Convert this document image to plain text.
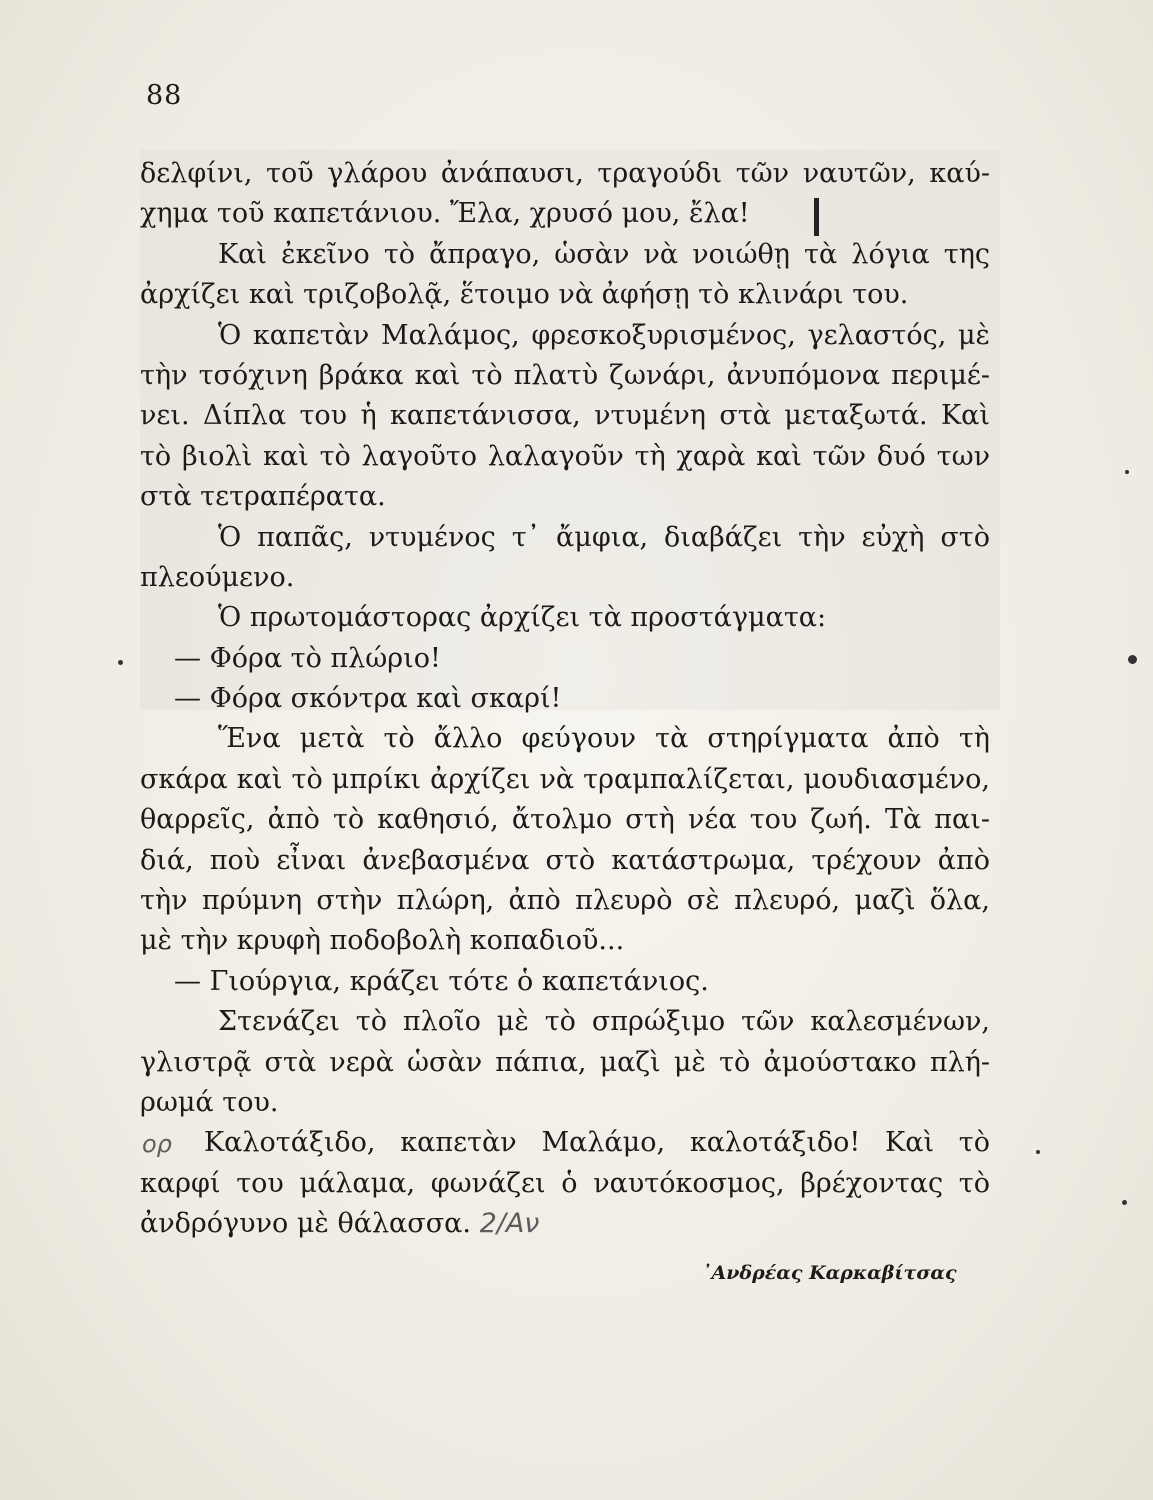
88
δελφίνι, τοῦ γλάρου ἀνάπαυσι, τραγούδι τῶν ναυτῶν, καύ-
χημα τοῦ καπετάνιου. Ἔλα, χρυσό μου, ἔλα!
Καὶ ἐκεῖνο τὸ ἄπραγο, ὡσὰν νὰ νοιώθῃ τὰ λόγια της
ἀρχίζει καὶ τριζοβολᾷ, ἕτοιμο νὰ ἀφήσῃ τὸ κλινάρι του.
Ὁ καπετὰν Μαλάμος, φρεσκοξυρισμένος, γελαστός, μὲ
τὴν τσόχινη βράκα καὶ τὸ πλατὺ ζωνάρι, ἀνυπόμονα περιμέ-
νει. Δίπλα του ἡ καπετάνισσα, ντυμένη στὰ μεταξωτά. Καὶ
τὸ βιολὶ καὶ τὸ λαγοῦτο λαλαγοῦν τὴ χαρὰ καὶ τῶν δυό των
στὰ τετραπέρατα.
Ὁ παπᾶς, ντυμένος τ᾽ ἄμφια, διαβάζει τὴν εὐχὴ στὸ
πλεούμενο.
Ὁ πρωτομάστορας ἀρχίζει τὰ προστάγματα:
— Φόρα τὸ πλώριο!
— Φόρα σκόντρα καὶ σκαρί!
Ἕνα μετὰ τὸ ἄλλο φεύγουν τὰ στηρίγματα ἀπὸ τὴ
σκάρα καὶ τὸ μπρίκι ἀρχίζει νὰ τραμπαλίζεται, μουδιασμένο,
θαρρεῖς, ἀπὸ τὸ καθησιό, ἄτολμο στὴ νέα του ζωή. Τὰ παι-
διά, ποὺ εἶναι ἀνεβασμένα στὸ κατάστρωμα, τρέχουν ἀπὸ
τὴν πρύμνη στὴν πλώρη, ἀπὸ πλευρὸ σὲ πλευρό, μαζὶ ὅλα,
μὲ τὴν κρυφὴ ποδοβολὴ κοπαδιοῦ...
— Γιούργια, κράζει τότε ὁ καπετάνιος.
Στενάζει τὸ πλοῖο μὲ τὸ σπρώξιμο τῶν καλεσμένων,
γλιστρᾷ στὰ νερὰ ὡσὰν πάπια, μαζὶ μὲ τὸ ἀμούστακο πλή-
ρωμά του.
Καλοτάξιδο, καπετὰν Μαλάμο, καλοτάξιδο! Καὶ τὸ
καρφί του μάλαμα, φωνάζει ὁ ναυτόκοσμος, βρέχοντας τὸ
ἀνδρόγυνο μὲ θάλασσα. 2/Aν
ορ
᾽Ανδρέας Καρκαβίτσας
